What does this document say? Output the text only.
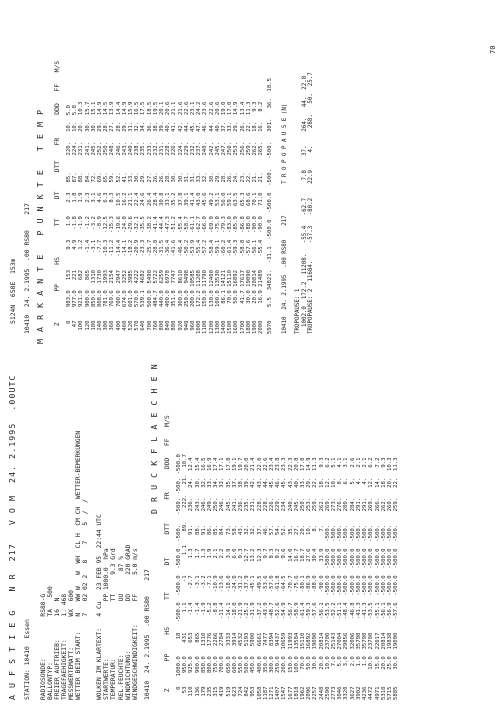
A U F S T I E G   N R  217   V O M  24. 2.1995  .00UTC
5124N  658E  153m
STATION: 10410  Essen RADIOSONDE:           RS80-G
BALLONTYP:            TA   500
FREIER AUFTRIEB:      16  N
TRAGEFAEHIGKEIT:      1. 468
MESSWERTEMATT:        WX  600
WETTER BEIM START:    N   WW W   W  WH  CL H  CM CH  WETTER-BEMERKUNGEN
7   02 02 2   8    7    5  /  / WOLKEN IM KLARTEXT:   4 Cu   23 FEB 95  22:44 UTC
STARTWERTE:               PP 1000.0  hPa
TEMPERATUR:               TT     9.3 Grd
REL.FEUCHTE:              UU      87 %
WINDRICHTUNG:             DD     220 GRAD
WINDGESCHWINDIGKEIT:      FF     5.0 m/s 10410  24. 2.1995  .00 RS80    217
D R U C K F L A E C H E N Z       PP     HS       TT       DT      DTT      FR      DDD   FF   M/S 0   1000.0     18   -500.0  -500.0  -500.0  -500.   -500. -500. -500.0
53    950.0    431      1.1      -1      1.1    89.    222.   21.  10.7
110    925.0    653     -1.4    -2.7     1.3    91.    236.   24.  12.4
136    900.0    865     -1.4    -3.1     1.7    88.    243.   30.  15.4
179    850.0   1310     -1.9    -3.2     1.3    91.    246.   32.  16.5
235    800.0   1776     -5.2    -7.1     1.9    86.    249.   33.  16.9
315    750.0   2266     -8.8   -10.9     2.1    85.    250.   34.  17.4
419    700.0   2784    -11.4   -13.6     2.2    84.    246.   33.  17.1
519    650.0   3333    -14.1   -18.0     3.9    73.    245.   35.  17.8
623    600.0   3914    -18.0   -24.0     6.0    58.    241.   37.  19.1
724    550.0   4532    -21.9   -31.2     9.3    43.    236.   38.  19.7
842    500.0   5193    -25.2   -37.9    12.7    32.    235.   39.  20.0
953    450.0   5900    -31.9   -45.1    13.2    32.    231.   42.  21.4
1058    400.0   6661    -37.2   -49.5    12.3    37.    228.   43.  22.0
1187    350.0   7477    -43.9   -53.6     9.7    46.    228.   44.  22.6
1271    300.0   8394    -48.7   -57.0     8.3    57.    226.   45.  23.4
1407    250.0   9437    -52.6   -61.8     9.2    54.    229.   46.  23.8
1547    200.0  10659    -54.9   -64.5     9.6    52.    234.   45.  23.3
1677    150.0  11993    -56.7   -70.7    14.0    35.    240.   43.  22.3
1818    100.0  13584    -58.9   -75.6    16.7    27.    245.   40.  20.8
1962     70.0  15110    -61.4   -80.1    18.7    20.    250.   33.  17.0
2096     50.0  16892    -59.3   -86.9    27.6    10.    253.   29.  14.9
2257     30.0  19090    -57.6   -88.0    30.4     8.    259.   22.  11.3
2448     20.0  20814    -56.1   -90.0    33.9     7.    262.   18.   9.3
2590     10.0  23700    -53.5  -500.0  -500.0  -500.    269.   12.   6.2
2773      7.0  25143    -52.2  -500.0  -500.0  -500.    273.   10.   5.1
3046      5.0  27004    -51.1  -500.0  -500.0  -500.    276.    8.   4.1
3320      3.0  29856    -48.4  -500.0  -500.0  -500.    280.    6.   3.1
3627      2.0  32006    -46.8  -500.0  -500.0  -500.    284.    5.   2.6
3902      1.0  35798    -41.3  -500.0  -500.0  -500.    291.    4.   2.1
4236      1.0  35798    -41.3  -500.0  -500.0  -500.    291.    4.   2.1
4472     10.0  23700    -53.5  -500.0  -500.0  -500.    269.   12.   6.2
4971     15.0  22017    -55.1  -500.0  -500.0  -500.    266.   14.   7.2
5310     20.0  20814    -56.1  -500.0  -500.0  -500.    262.   18.   9.3
5715     25.0  19838    -56.9  -500.0  -500.0  -500.    260.   20.  10.3
5885     30.0  19090    -57.6  -500.0  -500.0  -500.    259.   22.  11.3
M A R K A N T E   P U N K T E   T E M P
10410  24. 2.1995  .00 RS80    217	Z        PP     HS        TT     DT     DTT    FR      DDD   FF   M/S 0    983.0   153      9.3    1.0    2.3   85.     220.   10.  5.0
47    977.0   221      4.9   -1.8    1.8   87.     224.   10.  5.8
100    921.0   682      1.2   -1.9    1.9   88.     231.   20.  10.3
120    900.0   865     -1.4   -1.2    2.3   84.     241.   30.  15.7
180    850.0  1310     -3.1   -3.2    3.1   72.     245.   30.  15.1
240    808.0  1730     -7.7   -8.9    4.6   69.     252.   29.  14.9
300    781.0  1993    -10.3  -12.5    6.3   65.     250.   28.  14.5
360    769.6  2154    -11.2  -15.3    8.3   59.     248.   27.  13.9
400    700.0  2947    -14.4  -19.6   10.5   52.     246.   28.  14.4
460    674.0  3252    -14.1  -24.0   16.2   41.     243.   29.  14.9
520    601.0  3985    -18.2  -29.6   21.1   33.     240.   31.  15.9
570    570.0  4222    -20.9  -32.1   22.4   30.     238.   32.  16.5
640    539.1  4682    -23.3  -35.5   24.6   29.     235.   34.  17.5
700    500.0  5490    -25.7  -38.2   26.4   27.     233.   36.  18.5
760    484.7  5722    -28.8  -41.4   28.4   26.     232.   38.  19.5
800    440.0  6259    -31.5  -44.4   30.8   26.     231.   39.  20.1
840    400.0  6978    -36.4  -47.3   33.1   28.     228.   40.  20.6
880    351.8  7747    -41.6  -51.2   35.2   30.     226.   41.  21.1
920    300.0  8610    -46.4  -55.4   37.8   30.     224.   42.  21.6
940    250.0  9498    -50.2  -58.7   39.1   31.     229.   44.  22.6
960    200.0 10585    -53.9  -61.1   41.4   31.     232.   45.  23.1
1000    172.2 11208    -55.4  -62.7   43.0   33.     237.   47.  24.2
1100    150.0 11790    -57.2  -66.0   45.6   32.     240.   46.  23.6
1200    130.0 12400    -58.4  -69.9   49.2   30.     242.   44.  22.6
1300    100.0 13530    -59.1  -75.0   53.1   29.     245.   40.  20.6
1400     86.1 14121    -60.2  -79.3   56.0   28.     247.   37.  19.0
1500     70.0 15110    -61.4  -83.0   59.1   26.     250.   33.  17.0
1600     50.0 16892    -59.3  -85.9   63.5   24.     253.   29.  14.9
1700     41.7 17617    -58.8  -86.8   65.3   23.     256.   26.  13.4
1800     30.0 19090    -57.6  -88.0   68.6   22.     259.   22.  11.3
1900     20.0 20814    -56.1  -90.0   70.1   21.     262.   18.   9.3
2000     16.9 21489    -55.4  -90.0   71.0   21.     265.   16.   8.2 5970    5.5  34821.  -31.1  -500.0  -500.0  -500.   -500.   301.   36.  18.5 10410  24. 2.1995  .00 RS80    217         T R O P O P A U S E (N) TROPOPAUSE: 1
1002.0  172.2  11208.   -55.4   -62.7     7.8    37.    264.   44.  22.8
TROPOPAUSE: 2  11684.     -57.3   -80.2    22.9     4.     288.   50.  25.7
70
